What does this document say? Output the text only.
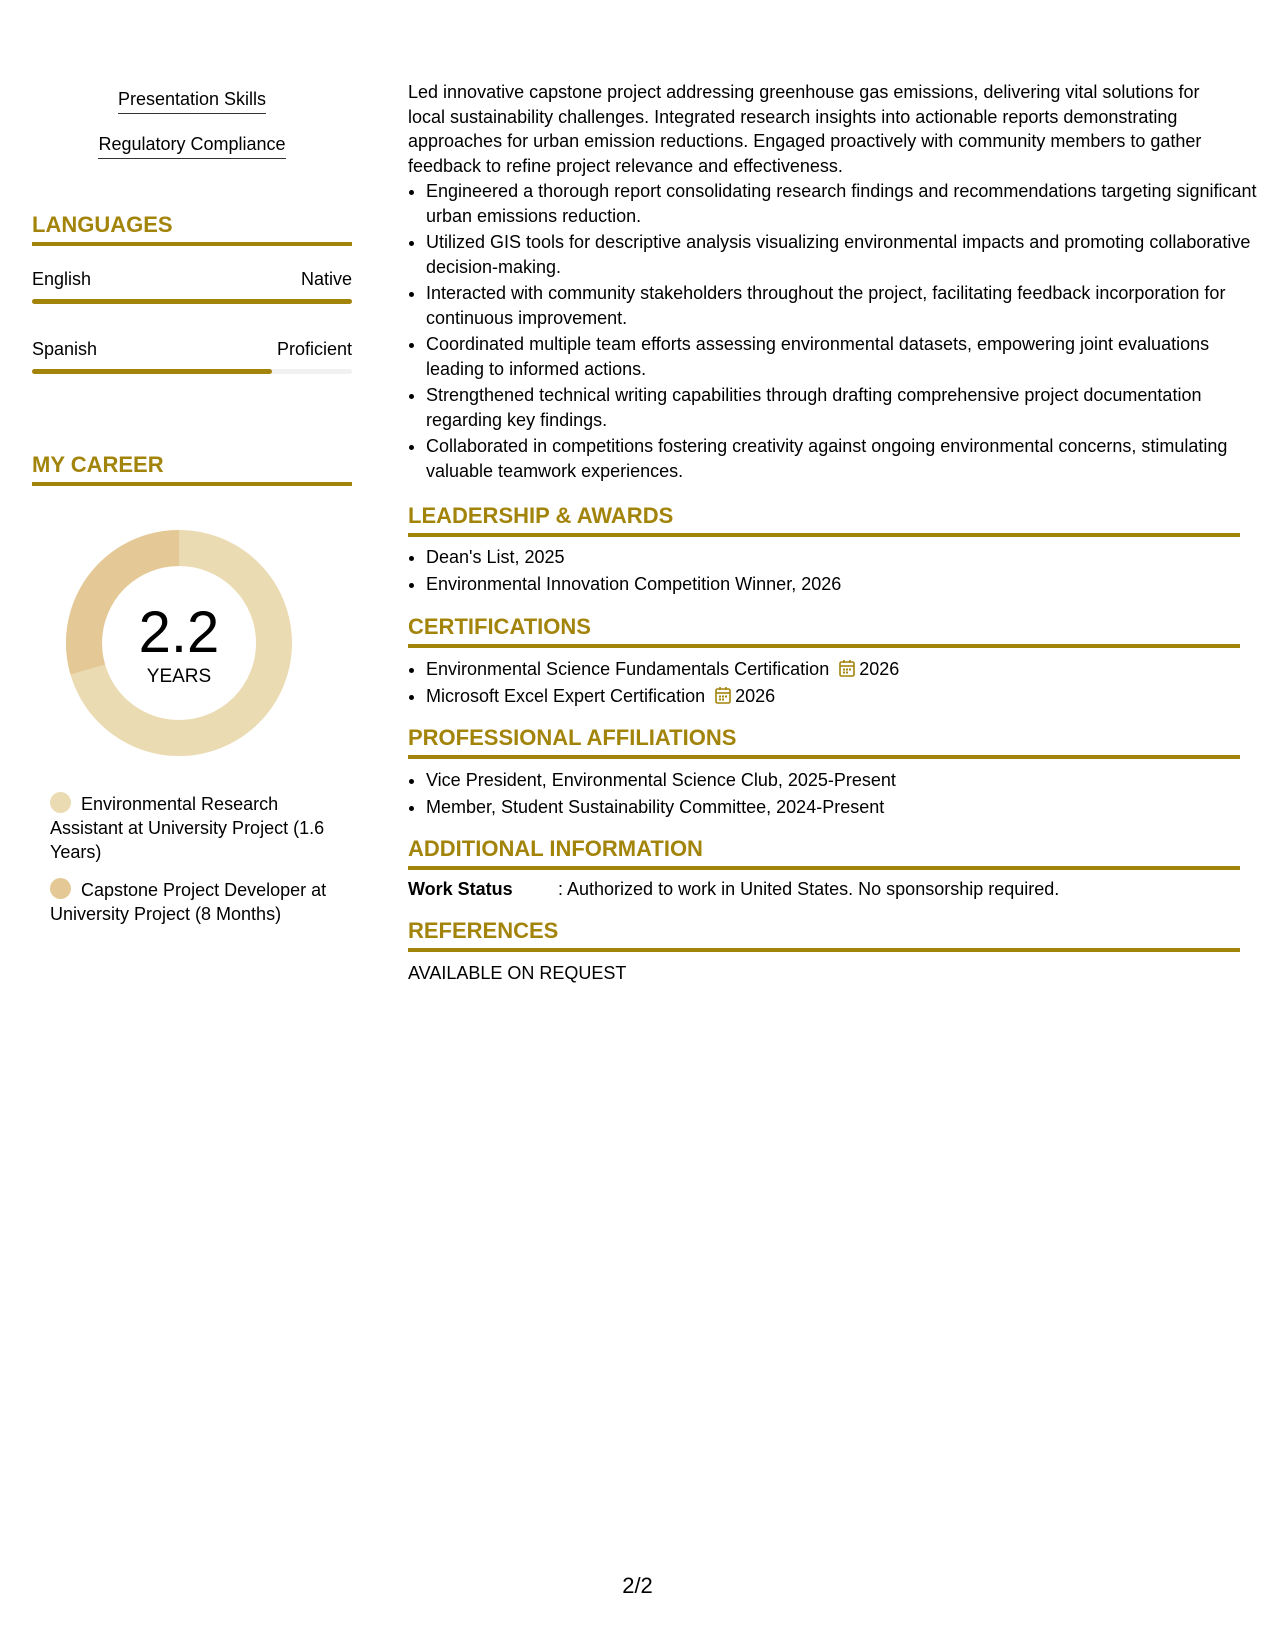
Presentation Skills
Regulatory Compliance
LANGUAGES
English	Native
Spanish	Proficient
MY CAREER
2.2
YEARS
Environmental Research Assistant at University Project (1.6 Years)
Capstone Project Developer at University Project (8 Months)
Led innovative capstone project addressing greenhouse gas emissions, delivering vital solutions for local sustainability challenges. Integrated research insights into actionable reports demonstrating approaches for urban emission reductions. Engaged proactively with community members to gather feedback to refine project relevance and effectiveness.
• Engineered a thorough report consolidating research findings and recommendations targeting significant urban emissions reduction.
• Utilized GIS tools for descriptive analysis visualizing environmental impacts and promoting collaborative decision-making.
• Interacted with community stakeholders throughout the project, facilitating feedback incorporation for continuous improvement.
• Coordinated multiple team efforts assessing environmental datasets, empowering joint evaluations leading to informed actions.
• Strengthened technical writing capabilities through drafting comprehensive project documentation regarding key findings.
• Collaborated in competitions fostering creativity against ongoing environmental concerns, stimulating valuable teamwork experiences.
LEADERSHIP & AWARDS
• Dean's List, 2025
• Environmental Innovation Competition Winner, 2026
CERTIFICATIONS
• Environmental Science Fundamentals Certification 2026
• Microsoft Excel Expert Certification 2026
PROFESSIONAL AFFILIATIONS
• Vice President, Environmental Science Club, 2025-Present
• Member, Student Sustainability Committee, 2024-Present
ADDITIONAL INFORMATION
Work Status	: Authorized to work in United States. No sponsorship required.
REFERENCES
AVAILABLE ON REQUEST
2/2
